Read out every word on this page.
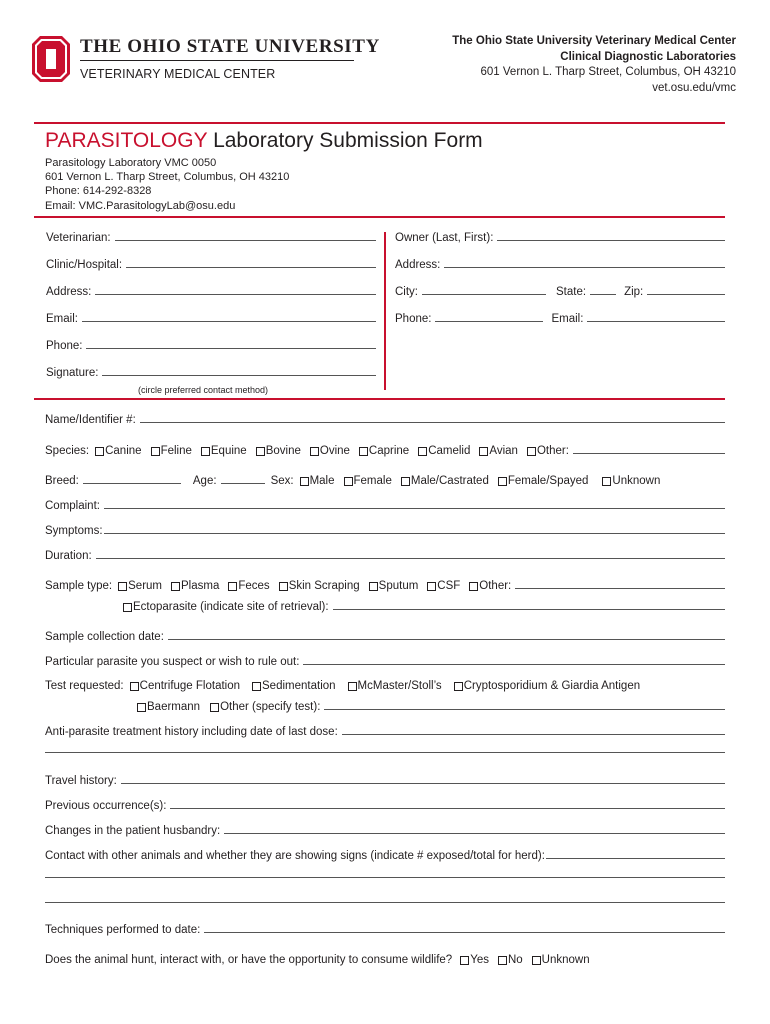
THE OHIO STATE UNIVERSITY
VETERINARY MEDICAL CENTER
The Ohio State University Veterinary Medical Center
Clinical Diagnostic Laboratories
601 Vernon L. Tharp Street, Columbus, OH 43210
vet.osu.edu/vmc
PARASITOLOGY Laboratory Submission Form
Parasitology Laboratory VMC 0050
601 Vernon L. Tharp Street, Columbus, OH 43210
Phone: 614-292-8328
Email: VMC.ParasitologyLab@osu.edu
Veterinarian:
Clinic/Hospital:
Address:
Email:
Phone:
Signature:
(circle preferred contact method)
Owner (Last, First):
Address:
City:	State:	Zip:
Phone:	Email:
Name/Identifier #:
Species:	Canine Feline Equine Bovine Ovine Caprine Camelid Avian Other:
Breed:	Age:	Sex:	Male Female Male/Castrated Female/Spayed Unknown
Complaint:
Symptoms:
Duration:
Sample type:	Serum Plasma Feces Skin Scraping Sputum CSF Other:
Ectoparasite (indicate site of retrieval):
Sample collection date:
Particular parasite you suspect or wish to rule out:
Test requested:	Centrifuge Flotation Sedimentation McMaster/Stoll’s Cryptosporidium & Giardia Antigen
Baermann Other (specify test):
Anti-parasite treatment history including date of last dose:
Travel history:
Previous occurrence(s):
Changes in the patient husbandry:
Contact with other animals and whether they are showing signs (indicate # exposed/total for herd):
Techniques performed to date:
Does the animal hunt, interact with, or have the opportunity to consume wildlife?	Yes No Unknown
